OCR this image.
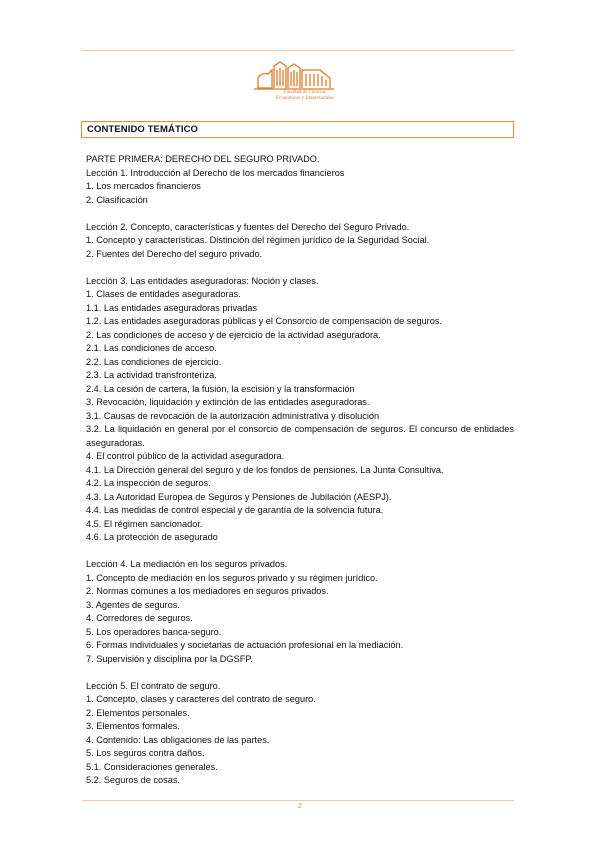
Facultad de Ciencias
Económicas y Empresariales
CONTENIDO TEMÁTICO
PARTE PRIMERA: DERECHO DEL SEGURO PRIVADO.
Lección 1. Introducción al Derecho de los mercados financieros
1. Los mercados financieros
2. Clasificación
Lección 2. Concepto, características y fuentes del Derecho del Seguro Privado.
1. Concepto y características. Distinción del régimen jurídico de la Seguridad Social.
2. Fuentes del Derecho del seguro privado.
Lección 3. Las entidades aseguradoras: Noción y clases.
1. Clases de entidades aseguradoras.
1.1. Las entidades aseguradoras privadas
1.2. Las entidades aseguradoras públicas y el Consorcio de compensación de seguros.
2. Las condiciones de acceso y de ejercicio de la actividad aseguradora.
2.1. Las condiciones de acceso.
2.2. Las condiciones de ejercicio.
2.3. La actividad transfronteriza.
2.4. La cesión de cartera, la fusión, la escisión y la transformación
3. Revocación, liquidación y extinción de las entidades aseguradoras.
3.1. Causas de revocación de la autorización administrativa y disolución
3.2. La liquidación en general por el consorcio de compensación de seguros. El concurso de entidades aseguradoras.
4. El control público de la actividad aseguradora.
4.1. La Dirección general del seguro y de los fondos de pensiones. La Junta Consultiva.
4.2. La inspección de seguros.
4.3. La Autoridad Europea de Seguros y Pensiones de Jubilación (AESPJ).
4.4. Las medidas de control especial y de garantía de la solvencia futura.
4.5. El régimen sancionador.
4.6. La protección de asegurado
Lección 4. La mediación en los seguros privados.
1. Concepto de mediación en los seguros privado y su régimen jurídico.
2. Normas comunes a los mediadores en seguros privados.
3. Agentes de seguros.
4. Corredores de seguros.
5. Los operadores banca-seguro.
6. Formas individuales y societarias de actuación profesional en la mediación.
7. Supervisión y disciplina por la DGSFP.
Lección 5. El contrato de seguro.
1. Concepto, clases y caracteres del contrato de seguro.
2. Elementos personales.
3. Elementos formales.
4. Contenido: Las obligaciones de las partes.
5. Los seguros contra daños.
5.1. Consideraciones generales.
5.2. Seguros de cosas.
2
